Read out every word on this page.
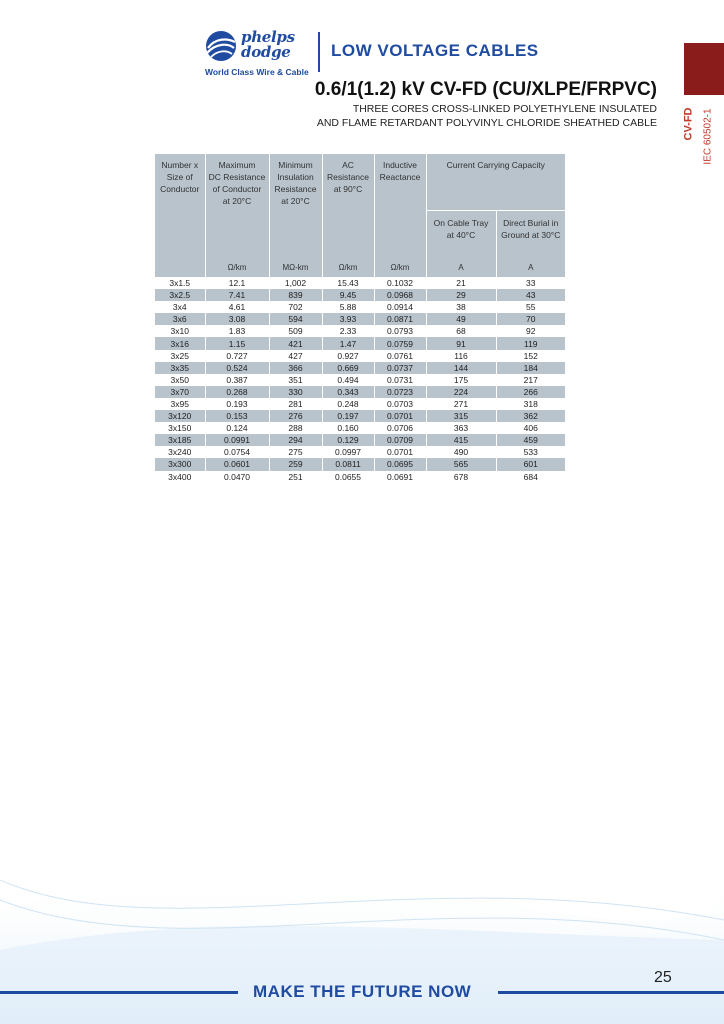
phelps
dodge
World Class Wire & Cable
LOW VOLTAGE CABLES
0.6/1(1.2) kV CV-FD (CU/XLPE/FRPVC)
THREE CORES CROSS-LINKED POLYETHYLENE INSULATED
AND FLAME RETARDANT POLYVINYL CHLORIDE SHEATHED CABLE CV-FD IEC 60502-1
Number x
Size of
Conductor	Maximum
DC Resistance
of Conductor
at 20°C	Minimum
Insulation
Resistance
at 20°C	AC
Resistance
at 90°C	Inductive
Reactance	Current Carrying Capacity	
					On Cable Tray
at 40°C	Direct Burial in
Ground at 30°C
	Ω/km	MΩ-km	Ω/km	Ω/km	A	A
3x1.5	12.1	1,002	15.43	0.1032	21	33
3x2.5	7.41	839	9.45	0.0968	29	43
3x4	4.61	702	5.88	0.0914	38	55
3x6	3.08	594	3.93	0.0871	49	70
3x10	1.83	509	2.33	0.0793	68	92
3x16	1.15	421	1.47	0.0759	91	119
3x25	0.727	427	0.927	0.0761	116	152
3x35	0.524	366	0.669	0.0737	144	184
3x50	0.387	351	0.494	0.0731	175	217
3x70	0.268	330	0.343	0.0723	224	266
3x95	0.193	281	0.248	0.0703	271	318
3x120	0.153	276	0.197	0.0701	315	362
3x150	0.124	288	0.160	0.0706	363	406
3x185	0.0991	294	0.129	0.0709	415	459
3x240	0.0754	275	0.0997	0.0701	490	533
3x300	0.0601	259	0.0811	0.0695	565	601
3x400	0.0470	251	0.0655	0.0691	678	684
MAKE THE FUTURE NOW
25
